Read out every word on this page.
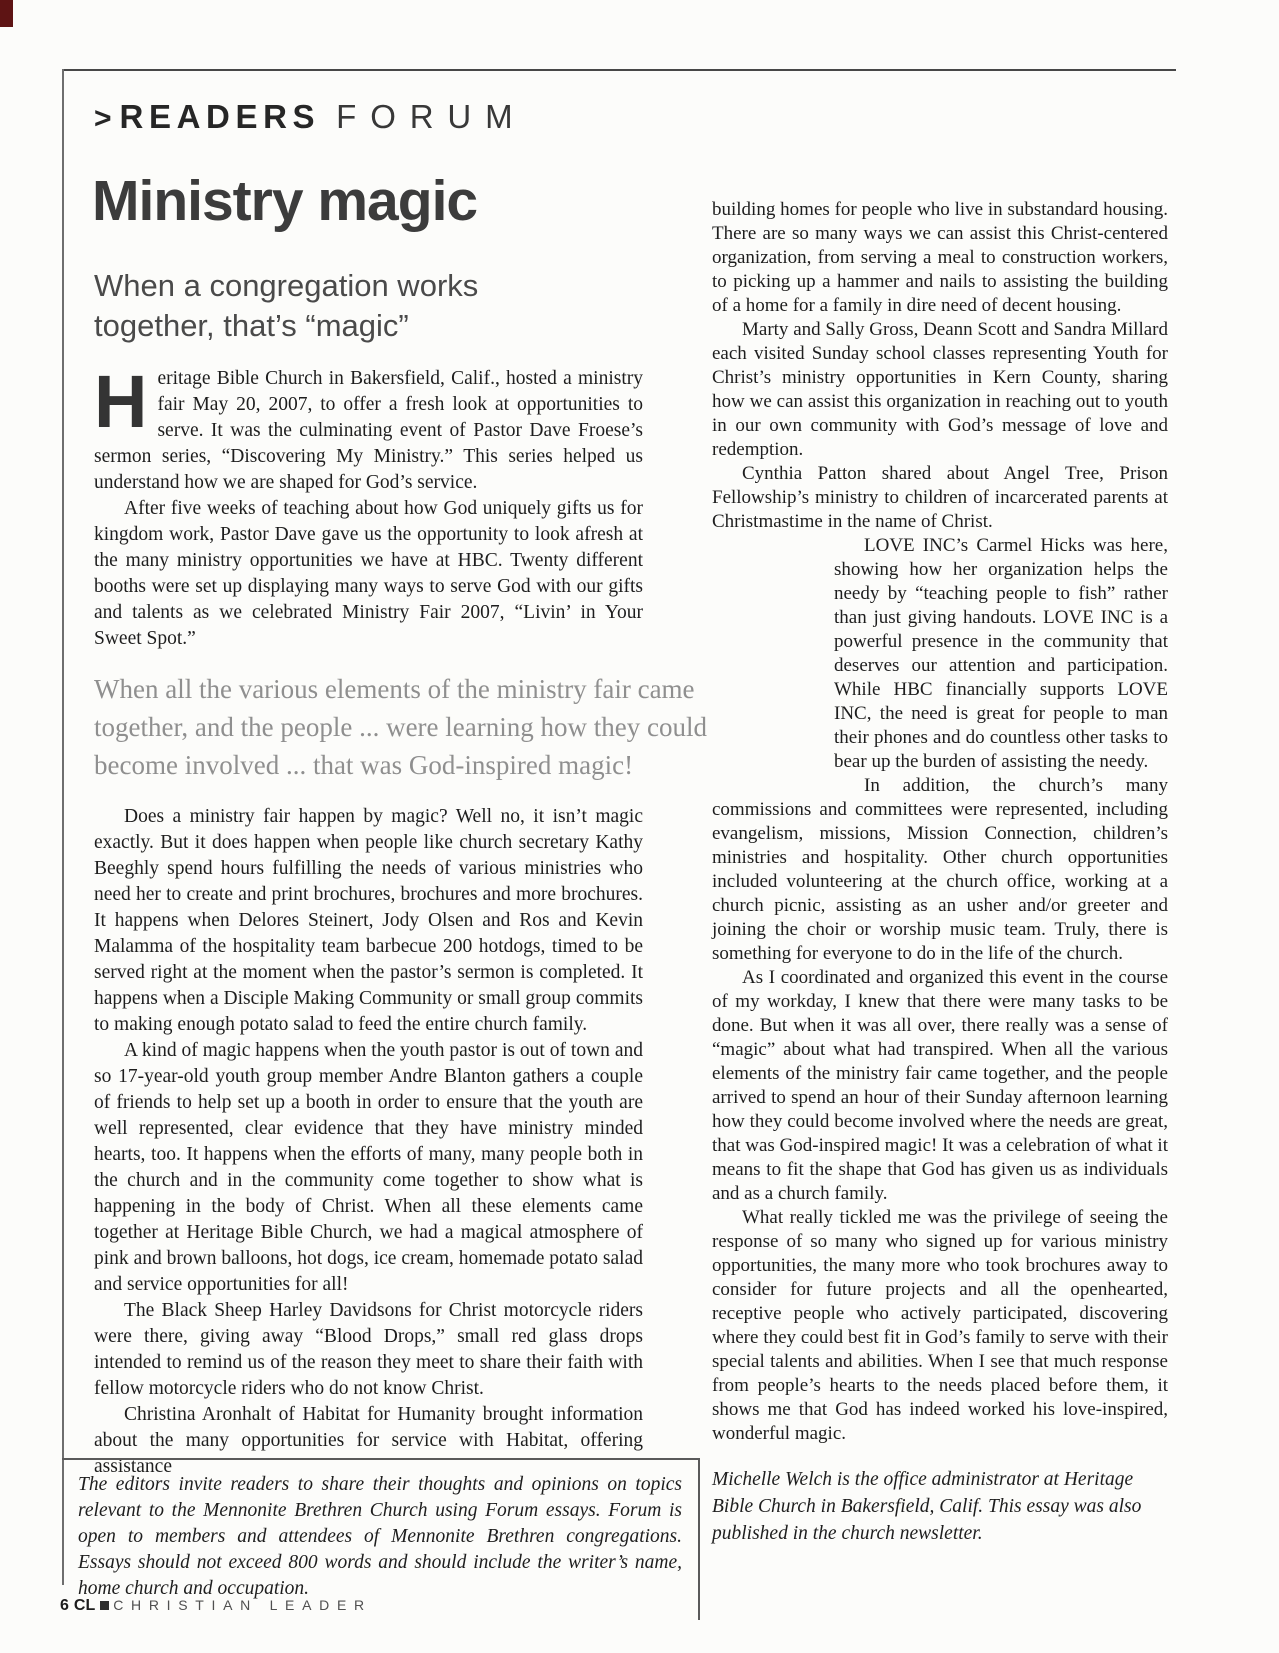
> READERS FORUM
Ministry magic
When a congregation works together, that’s “magic”

Heritage Bible Church in Bakersfield, Calif., hosted a ministry fair May 20, 2007, to offer a fresh look at opportunities to serve. It was the culminating event of Pastor Dave Froese’s sermon series, “Discovering My Ministry.” This series helped us understand how we are shaped for God’s service.

After five weeks of teaching about how God uniquely gifts us for kingdom work, Pastor Dave gave us the opportunity to look afresh at the many ministry opportunities we have at HBC. Twenty different booths were set up displaying many ways to serve God with our gifts and talents as we celebrated Ministry Fair 2007, “Livin’ in Your Sweet Spot.”

When all the various elements of the ministry fair came together, and the people ... were learning how they could become involved ... that was God-inspired magic!

Does a ministry fair happen by magic? Well no, it isn’t magic exactly. But it does happen when people like church secretary Kathy Beeghly spend hours fulfilling the needs of various ministries who need her to create and print brochures, brochures and more brochures. It happens when Delores Steinert, Jody Olsen and Ros and Kevin Malamma of the hospitality team barbecue 200 hotdogs, timed to be served right at the moment when the pastor’s sermon is completed. It happens when a Disciple Making Community or small group commits to making enough potato salad to feed the entire church family.

A kind of magic happens when the youth pastor is out of town and so 17-year-old youth group member Andre Blanton gathers a couple of friends to help set up a booth in order to ensure that the youth are well represented, clear evidence that they have ministry minded hearts, too. It happens when the efforts of many, many people both in the church and in the community come together to show what is happening in the body of Christ. When all these elements came together at Heritage Bible Church, we had a magical atmosphere of pink and brown balloons, hot dogs, ice cream, homemade potato salad and service opportunities for all!

The Black Sheep Harley Davidsons for Christ motorcycle riders were there, giving away “Blood Drops,” small red glass drops intended to remind us of the reason they meet to share their faith with fellow motorcycle riders who do not know Christ.

Christina Aronhalt of Habitat for Humanity brought information about the many opportunities for service with Habitat, offering assistance

building homes for people who live in substandard housing. There are so many ways we can assist this Christ-centered organization, from serving a meal to construction workers, to picking up a hammer and nails to assisting the building of a home for a family in dire need of decent housing.

Marty and Sally Gross, Deann Scott and Sandra Millard each visited Sunday school classes representing Youth for Christ’s ministry opportunities in Kern County, sharing how we can assist this organization in reaching out to youth in our own community with God’s message of love and redemption.

Cynthia Patton shared about Angel Tree, Prison Fellowship’s ministry to children of incarcerated parents at Christmastime in the name of Christ.

LOVE INC’s Carmel Hicks was here, showing how her organization helps the needy by “teaching people to fish” rather than just giving handouts. LOVE INC is a powerful presence in the community that deserves our attention and participation. While HBC financially supports LOVE INC, the need is great for people to man their phones and do countless other tasks to bear up the burden of assisting the needy.

In addition, the church’s many commissions and committees were represented, including evangelism, missions, Mission Connection, children’s ministries and hospitality. Other church opportunities included volunteering at the church office, working at a church picnic, assisting as an usher and/or greeter and joining the choir or worship music team. Truly, there is something for everyone to do in the life of the church.

As I coordinated and organized this event in the course of my workday, I knew that there were many tasks to be done. But when it was all over, there really was a sense of “magic” about what had transpired. When all the various elements of the ministry fair came together, and the people arrived to spend an hour of their Sunday afternoon learning how they could become involved where the needs are great, that was God-inspired magic! It was a celebration of what it means to fit the shape that God has given us as individuals and as a church family.

What really tickled me was the privilege of seeing the response of so many who signed up for various ministry opportunities, the many more who took brochures away to consider for future projects and all the openhearted, receptive people who actively participated, discovering where they could best fit in God’s family to serve with their special talents and abilities. When I see that much response from people’s hearts to the needs placed before them, it shows me that God has indeed worked his love-inspired, wonderful magic.

The editors invite readers to share their thoughts and opinions on topics relevant to the Mennonite Brethren Church using Forum essays. Forum is open to members and attendees of Mennonite Brethren congregations. Essays should not exceed 800 words and should include the writer’s name, home church and occupation.
Michelle Welch is the office administrator at Heritage Bible Church in Bakersfield, Calif. This essay was also published in the church newsletter.
6 CL CHRISTIAN LEADER
